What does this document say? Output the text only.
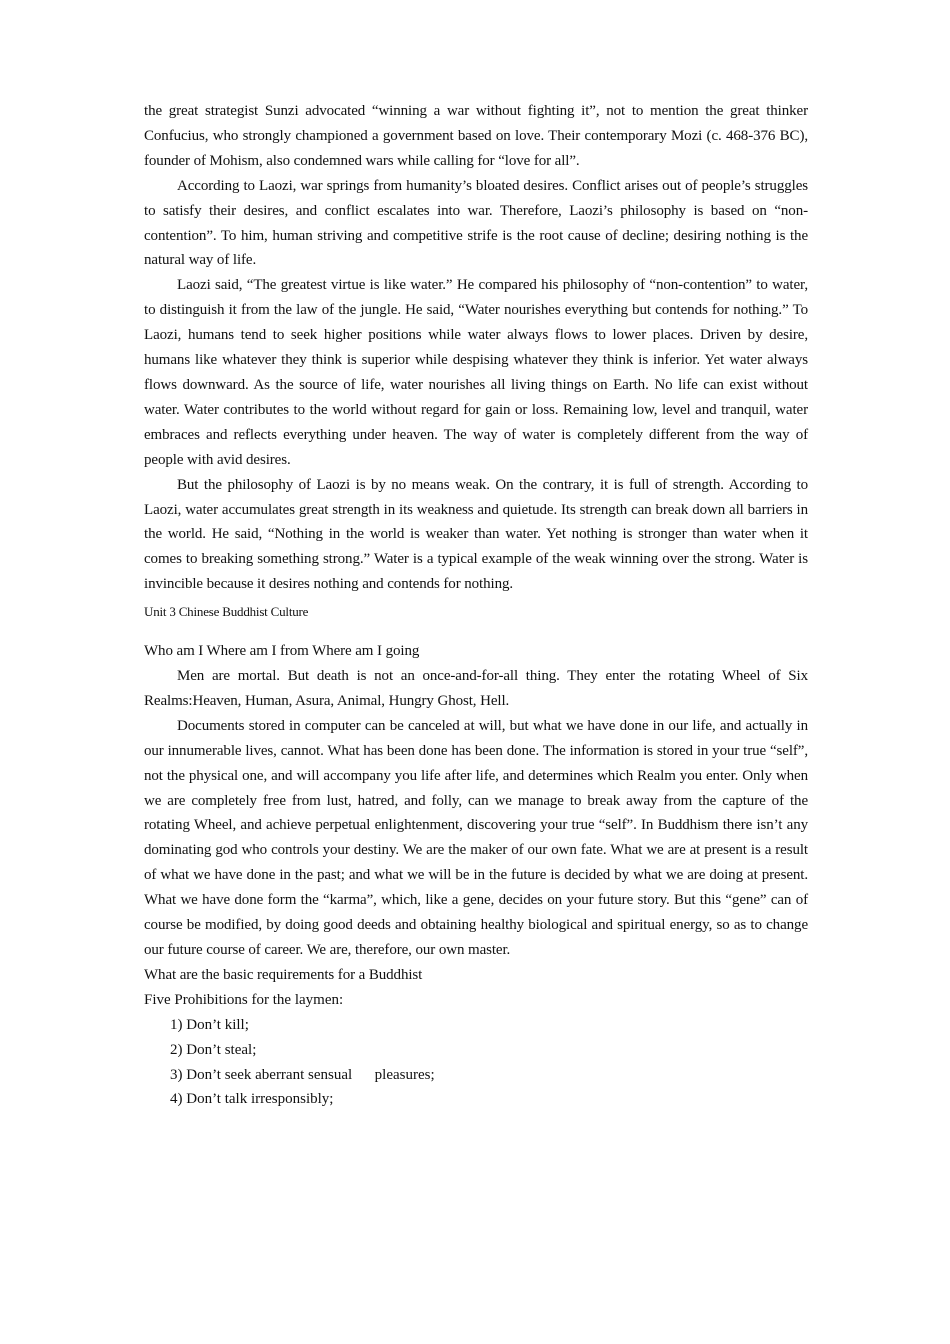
the great strategist Sunzi advocated “winning a war without fighting it”, not to mention the great thinker Confucius, who strongly championed a government based on love. Their contemporary Mozi (c. 468-376 BC), founder of Mohism, also condemned wars while calling for “love for all”.

According to Laozi, war springs from humanity’s bloated desires. Conflict arises out of people’s struggles to satisfy their desires, and conflict escalates into war. Therefore, Laozi’s philosophy is based on “non-contention”. To him, human striving and competitive strife is the root cause of decline; desiring nothing is the natural way of life.

Laozi said, “The greatest virtue is like water.” He compared his philosophy of “non-contention” to water, to distinguish it from the law of the jungle. He said, “Water nourishes everything but contends for nothing.” To Laozi, humans tend to seek higher positions while water always flows to lower places. Driven by desire, humans like whatever they think is superior while despising whatever they think is inferior. Yet water always flows downward. As the source of life, water nourishes all living things on Earth. No life can exist without water. Water contributes to the world without regard for gain or loss. Remaining low, level and tranquil, water embraces and reflects everything under heaven. The way of water is completely different from the way of people with avid desires.

But the philosophy of Laozi is by no means weak. On the contrary, it is full of strength. According to Laozi, water accumulates great strength in its weakness and quietude. Its strength can break down all barriers in the world. He said, “Nothing in the world is weaker than water. Yet nothing is stronger than water when it comes to breaking something strong.” Water is a typical example of the weak winning over the strong. Water is invincible because it desires nothing and contends for nothing.

Unit 3 Chinese Buddhist Culture

Who am I Where am I from Where am I going

Men are mortal. But death is not an once-and-for-all thing. They enter the rotating Wheel of Six Realms:Heaven, Human, Asura, Animal, Hungry Ghost, Hell.

Documents stored in computer can be canceled at will, but what we have done in our life, and actually in our innumerable lives, cannot. What has been done has been done. The information is stored in your true “self”, not the physical one, and will accompany you life after life, and determines which Realm you enter. Only when we are completely free from lust, hatred, and folly, can we manage to break away from the capture of the rotating Wheel, and achieve perpetual enlightenment, discovering your true “self”. In Buddhism there isn’t any dominating god who controls your destiny. We are the maker of our own fate. What we are at present is a result of what we have done in the past; and what we will be in the future is decided by what we are doing at present. What we have done form the “karma”, which, like a gene, decides on your future story. But this “gene” can of course be modified, by doing good deeds and obtaining healthy biological and spiritual energy, so as to change our future course of career. We are, therefore, our own master.

What are the basic requirements for a Buddhist

Five Prohibitions for the laymen:

1) Don’t kill;
2) Don’t steal;
3) Don’t seek aberrant sensual      pleasures;
4) Don’t talk irresponsibly;
